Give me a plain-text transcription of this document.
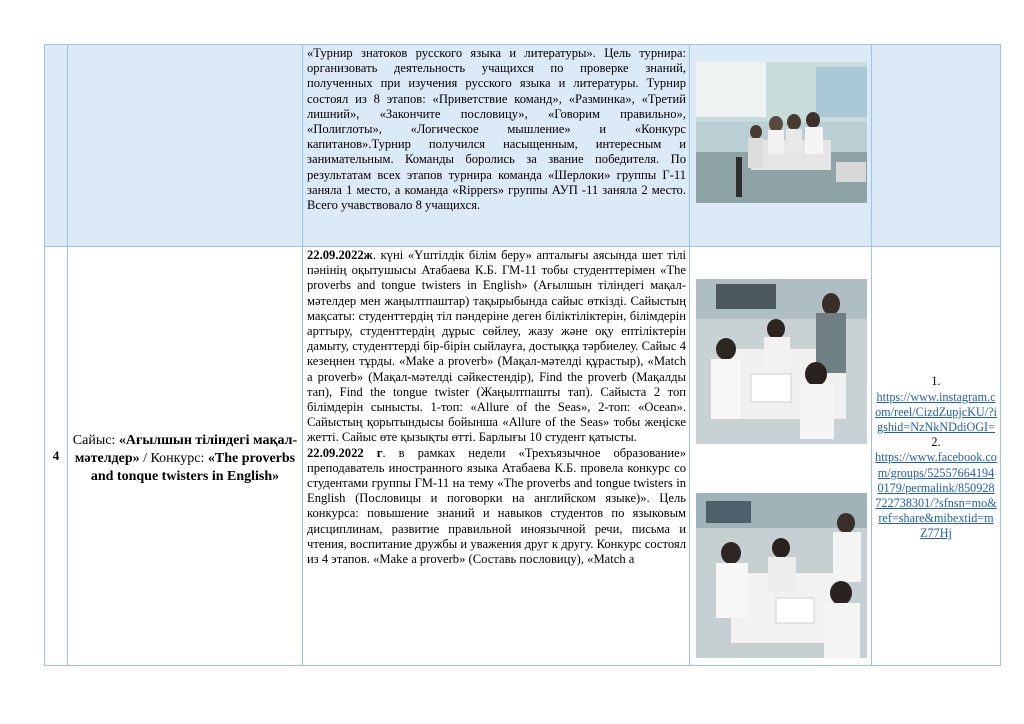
«Турнир знатоков русского языка и литературы». Цель турнира: организовать деятельность учащихся по проверке знаний, полученных при изучения русского языка и литературы. Турнир состоял из 8 этапов: «Приветствие команд», «Разминка», «Третий лишний», «Закончите пословицу», «Говорим правильно», «Полиглоты», «Логическое мышление» и «Конкурс капитанов».Турнир получился насыщенным, интересным и занимательным. Команды боролись за звание победителя. По результатам всех этапов турнира команда «Шерлоки» группы Г-11 заняла 1 место, а команда «Rippers» группы АУП -11 заняла 2 место. Всего учавствовало 8 учащихся.

4
Сайыс: «Ағылшын тіліндегі мақал-мәтелдер» / Конкурс: «The proverbs and tonque twisters in English»

22.09.2022ж. күні «Үштілдік білім беру» апталығы аясында шет тілі пәнінің оқытушысы Атабаева К.Б. ГМ-11 тобы студенттерімен «The proverbs and tongue twisters in English» (Ағылшын тіліндегі мақал-мәтелдер мен жаңылтпаштар) тақырыбында сайыс өткізді. Сайыстың мақсаты: студенттердің тіл пәндеріне деген біліктіліктерін, білімдерін арттыру, студенттердің дұрыс сөйлеу, жазу және оқу ептіліктерін дамыту, студенттерді бір-бірін сыйлауға, достыққа тәрбиелеу. Сайыс 4 кезеңнен тұрды. «Make a proverb» (Мақал-мәтелді құрастыр), «Match a proverb» (Мақал-мәтелді сәйкестендір), Find the proverb (Мақалды тап), Find the tongue twister (Жаңылтпашты тап). Сайыста 2 топ білімдерін сынысты. 1-топ: «Allure of the Seas», 2-топ: «Ocean». Сайыстың қорытындысы бойынша «Allure of the Seas» тобы жеңіске жетті. Сайыс өте қызықты өтті. Барлығы 10 студент қатысты.

22.09.2022 г. в рамках недели «Трехъязычное образование» преподаватель иностранного языка Атабаева К.Б. провела конкурс со студентами группы ГМ-11 на тему «The proverbs and tongue twisters in English (Пословицы и поговорки на английском языке)». Цель конкурса: повышение знаний и навыков студентов по языковым дисциплинам, развитие правильной иноязычной речи, письма и чтения, воспитание дружбы и уважения друг к другу. Конкурс состоял из 4 этапов. «Make a proverb» (Составь пословицу), «Match a

1.
https://www.instagram.com/reel/CizdZupjcKU/?igshid=NzNkNDdiOGI=
2.
https://www.facebook.com/groups/525576641940179/permalink/850928722738301/?sfnsn=mo&ref=share&mibextid=mZ77Hj
